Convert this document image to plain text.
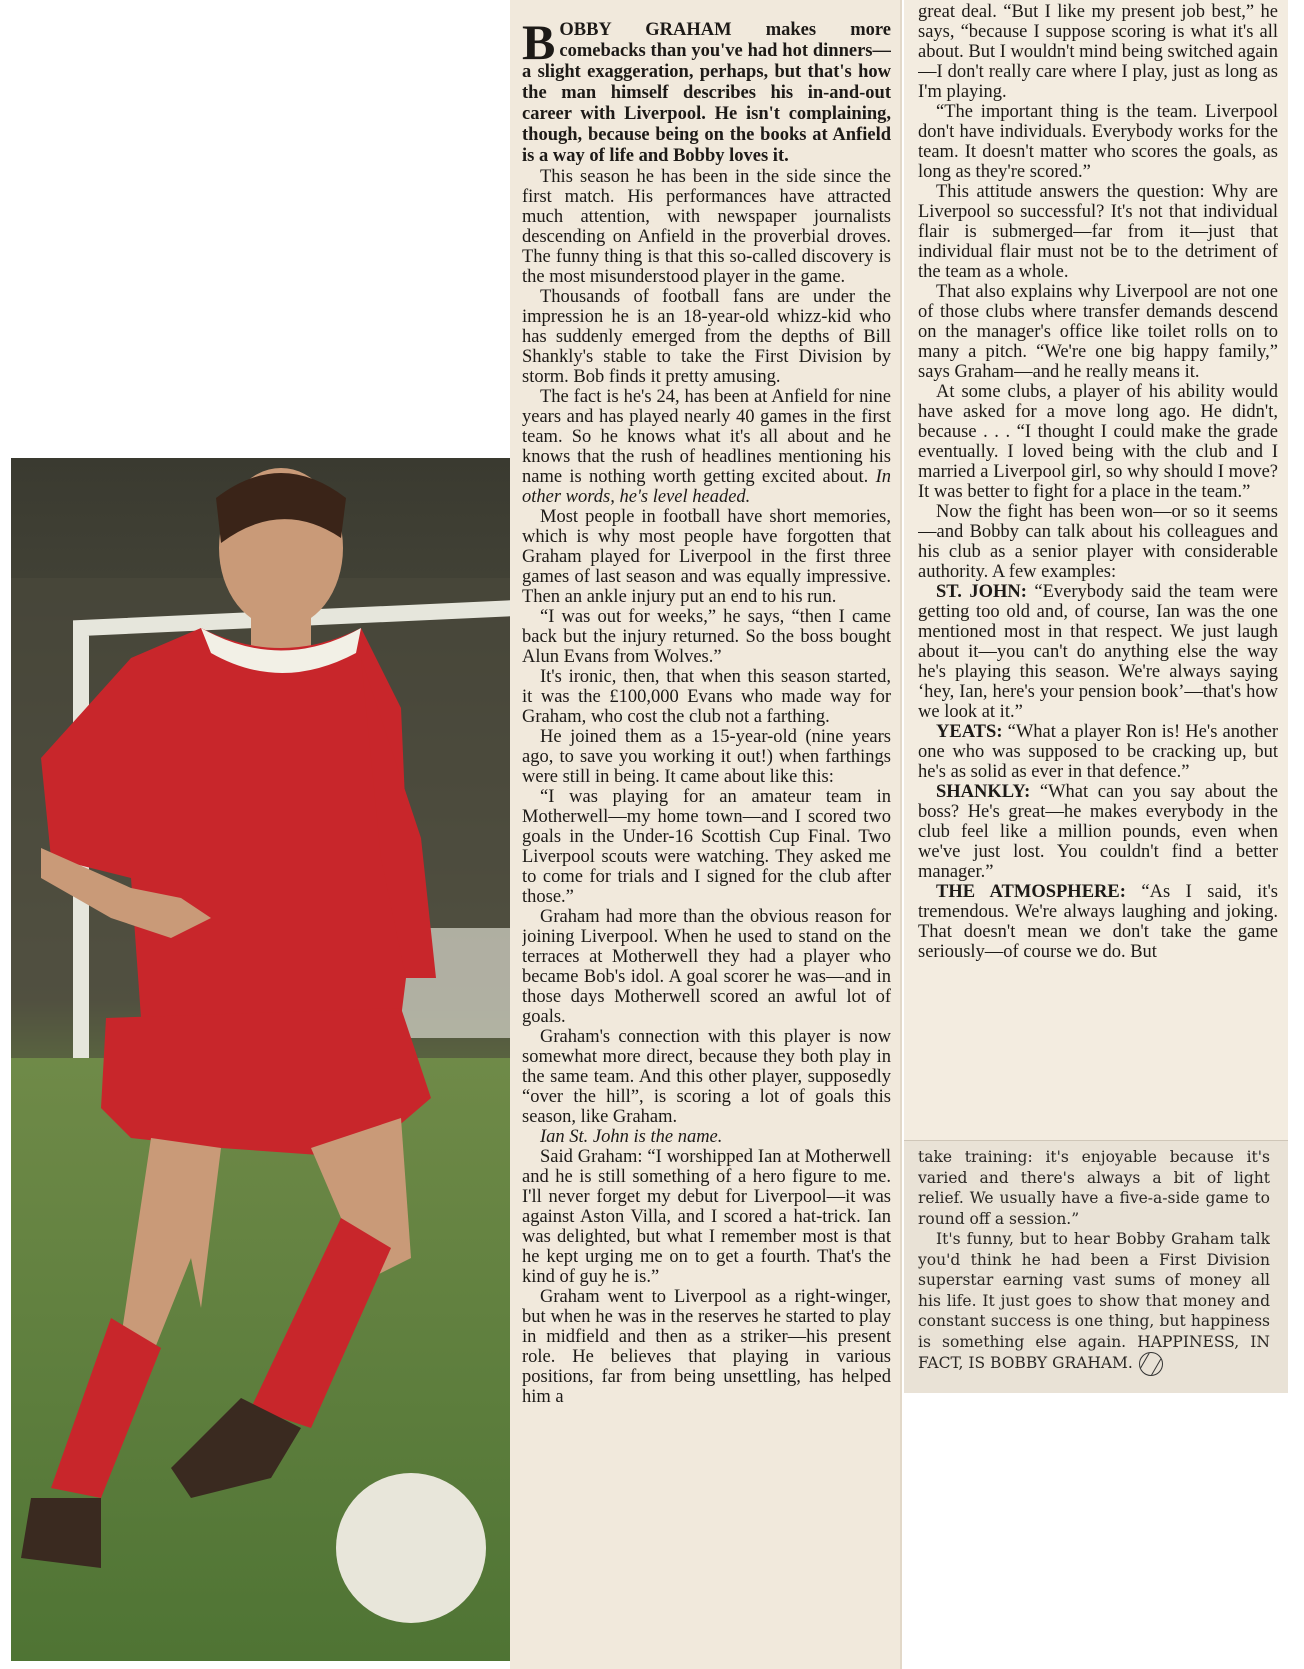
BOBBY GRAHAM makes more comebacks than you've had hot dinners—a slight exaggeration, perhaps, but that's how the man himself describes his in-and-out career with Liverpool. He isn't complaining, though, because being on the books at Anfield is a way of life and Bobby loves it.

This season he has been in the side since the first match. His performances have attracted much attention, with newspaper journalists descending on Anfield in the proverbial droves. The funny thing is that this so-called discovery is the most misunderstood player in the game.

Thousands of football fans are under the impression he is an 18-year-old whizz-kid who has suddenly emerged from the depths of Bill Shankly's stable to take the First Division by storm. Bob finds it pretty amusing.

The fact is he's 24, has been at Anfield for nine years and has played nearly 40 games in the first team. So he knows what it's all about and he knows that the rush of headlines mentioning his name is nothing worth getting excited about. In other words, he's level headed.

Most people in football have short memories, which is why most people have forgotten that Graham played for Liverpool in the first three games of last season and was equally impressive. Then an ankle injury put an end to his run.

“I was out for weeks,” he says, “then I came back but the injury returned. So the boss bought Alun Evans from Wolves.”

It's ironic, then, that when this season started, it was the £100,000 Evans who made way for Graham, who cost the club not a farthing.

He joined them as a 15-year-old (nine years ago, to save you working it out!) when farthings were still in being. It came about like this:

“I was playing for an amateur team in Motherwell—my home town—and I scored two goals in the Under-16 Scottish Cup Final. Two Liverpool scouts were watching. They asked me to come for trials and I signed for the club after those.”

Graham had more than the obvious reason for joining Liverpool. When he used to stand on the terraces at Motherwell they had a player who became Bob's idol. A goal scorer he was—and in those days Motherwell scored an awful lot of goals.

Graham's connection with this player is now somewhat more direct, because they both play in the same team. And this other player, supposedly “over the hill”, is scoring a lot of goals this season, like Graham.

Ian St. John is the name.

Said Graham: “I worshipped Ian at Motherwell and he is still something of a hero figure to me. I'll never forget my debut for Liverpool—it was against Aston Villa, and I scored a hat-trick. Ian was delighted, but what I remember most is that he kept urging me on to get a fourth. That's the kind of guy he is.”

Graham went to Liverpool as a right-winger, but when he was in the reserves he started to play in midfield and then as a striker—his present role. He believes that playing in various positions, far from being unsettling, has helped him a

great deal. “But I like my present job best,” he says, “because I suppose scoring is what it's all about. But I wouldn't mind being switched again—I don't really care where I play, just as long as I'm playing.

“The important thing is the team. Liverpool don't have individuals. Everybody works for the team. It doesn't matter who scores the goals, as long as they're scored.”

This attitude answers the question: Why are Liverpool so successful? It's not that individual flair is submerged—far from it—just that individual flair must not be to the detriment of the team as a whole.

That also explains why Liverpool are not one of those clubs where transfer demands descend on the manager's office like toilet rolls on to many a pitch. “We're one big happy family,” says Graham—and he really means it.

At some clubs, a player of his ability would have asked for a move long ago. He didn't, because . . . “I thought I could make the grade eventually. I loved being with the club and I married a Liverpool girl, so why should I move? It was better to fight for a place in the team.”

Now the fight has been won—or so it seems—and Bobby can talk about his colleagues and his club as a senior player with considerable authority. A few examples:

ST. JOHN: “Everybody said the team were getting too old and, of course, Ian was the one mentioned most in that respect. We just laugh about it—you can't do anything else the way he's playing this season. We're always saying ‘hey, Ian, here's your pension book’—that's how we look at it.”

YEATS: “What a player Ron is! He's another one who was supposed to be cracking up, but he's as solid as ever in that defence.”

SHANKLY: “What can you say about the boss? He's great—he makes everybody in the club feel like a million pounds, even when we've just lost. You couldn't find a better manager.”

THE ATMOSPHERE: “As I said, it's tremendous. We're always laughing and joking. That doesn't mean we don't take the game seriously—of course we do. But

take training: it's enjoyable because it's varied and there's always a bit of light relief. We usually have a five-a-side game to round off a session.”

It's funny, but to hear Bobby Graham talk you'd think he had been a First Division superstar earning vast sums of money all his life. It just goes to show that money and constant success is one thing, but happiness is something else again. HAPPINESS, IN FACT, IS BOBBY GRAHAM.
